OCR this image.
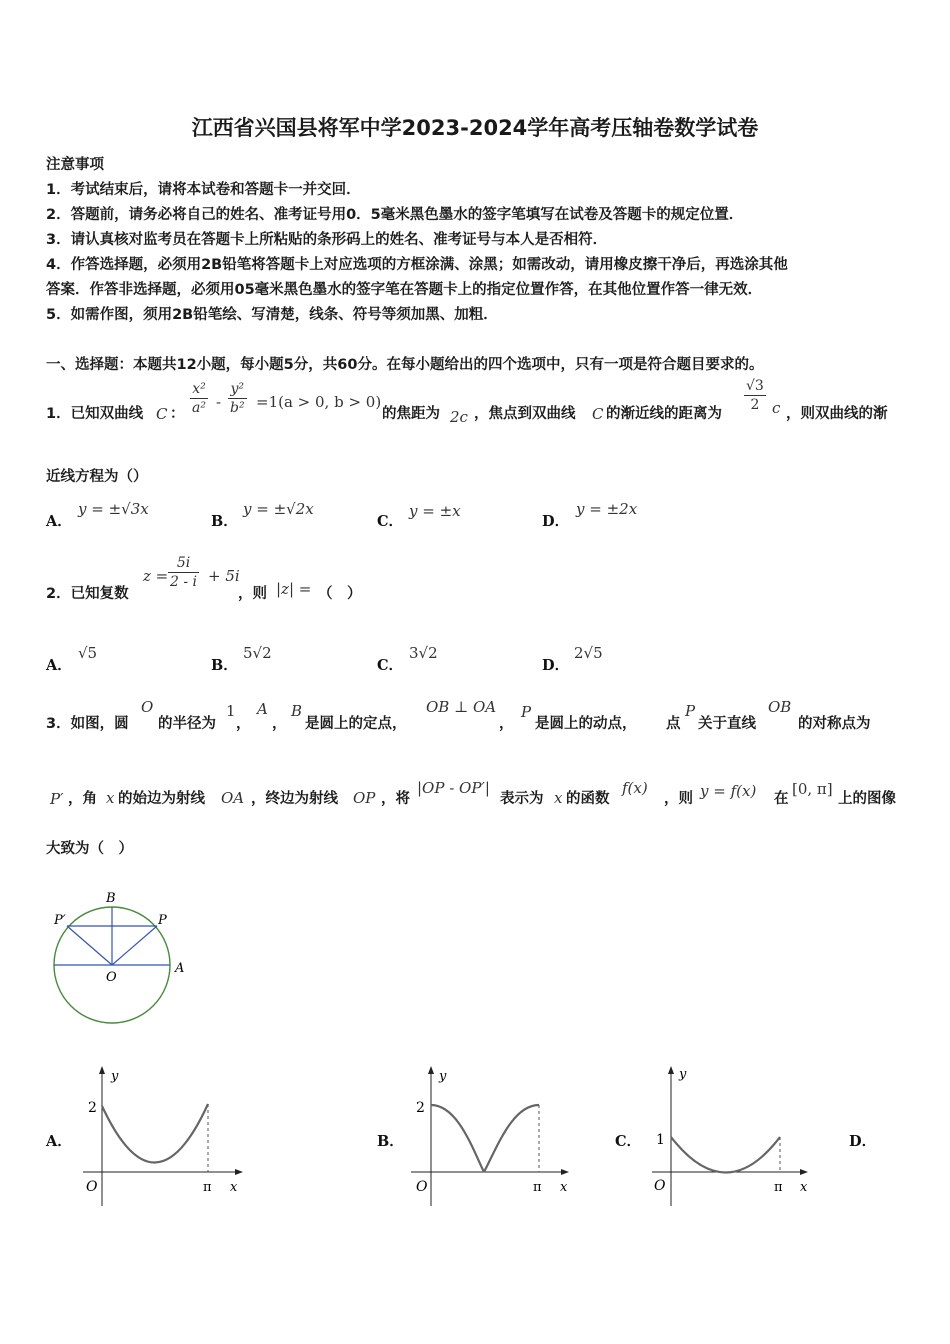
江西省兴国县将军中学2023-2024学年高考压轴卷数学试卷
注意事项
1．考试结束后，请将本试卷和答题卡一并交回．
2．答题前，请务必将自己的姓名、准考证号用0．5毫米黑色墨水的签字笔填写在试卷及答题卡的规定位置．
3．请认真核对监考员在答题卡上所粘贴的条形码上的姓名、准考证号与本人是否相符．
4．作答选择题，必须用2B铅笔将答题卡上对应选项的方框涂满、涂黑；如需改动，请用橡皮擦干净后，再选涂其他
答案．作答非选择题，必须用05毫米黑色墨水的签字笔在答题卡上的指定位置作答，在其他位置作答一律无效．
5．如需作图，须用2B铅笔绘、写清楚，线条、符号等须加黑、加粗．
一、选择题：本题共12小题，每小题5分，共60分。在每小题给出的四个选项中，只有一项是符合题目要求的。
1．已知双曲线 C ： $\frac{\text{x²}}{\text{a²}} - \frac{\text{y²}}{\text{b²}} =1(a > 0$, b > 0)
的焦距为 2c ，焦点到双曲线 C 的渐近线的距离为 $\frac{√3}{2}$ c ，则双曲线的渐
近线方程为（）
A．
y = ±√3x
B．
y = ±√2x
C．
y = ±x
D．
y = ±2x
2．已知复数
$z = \frac{5i}{2 - i} + 5i$
，则 |z| = （　）
A．
√5
B．
5√2
C．
3√2
D．
2√5
3．如图，圆
O
的半径为
1
，
A
，
B
是圆上的定点，
OB ⊥ OA
，
P
是圆上的动点， 点
P
关于直线
OB
的对称点为
P′ ，角 x 的始边为射线 OA ，终边为射线 OP ，将
|OP - OP′|
表示为 x 的函数
f(x)
，则 y = f(x) 在
[0, π]
上的图像
大致为（　）
B
P
P′
O
A
A．
y
2
O	π x
B．
y
2
O	π x
C．
y
1
O	π x
D．
